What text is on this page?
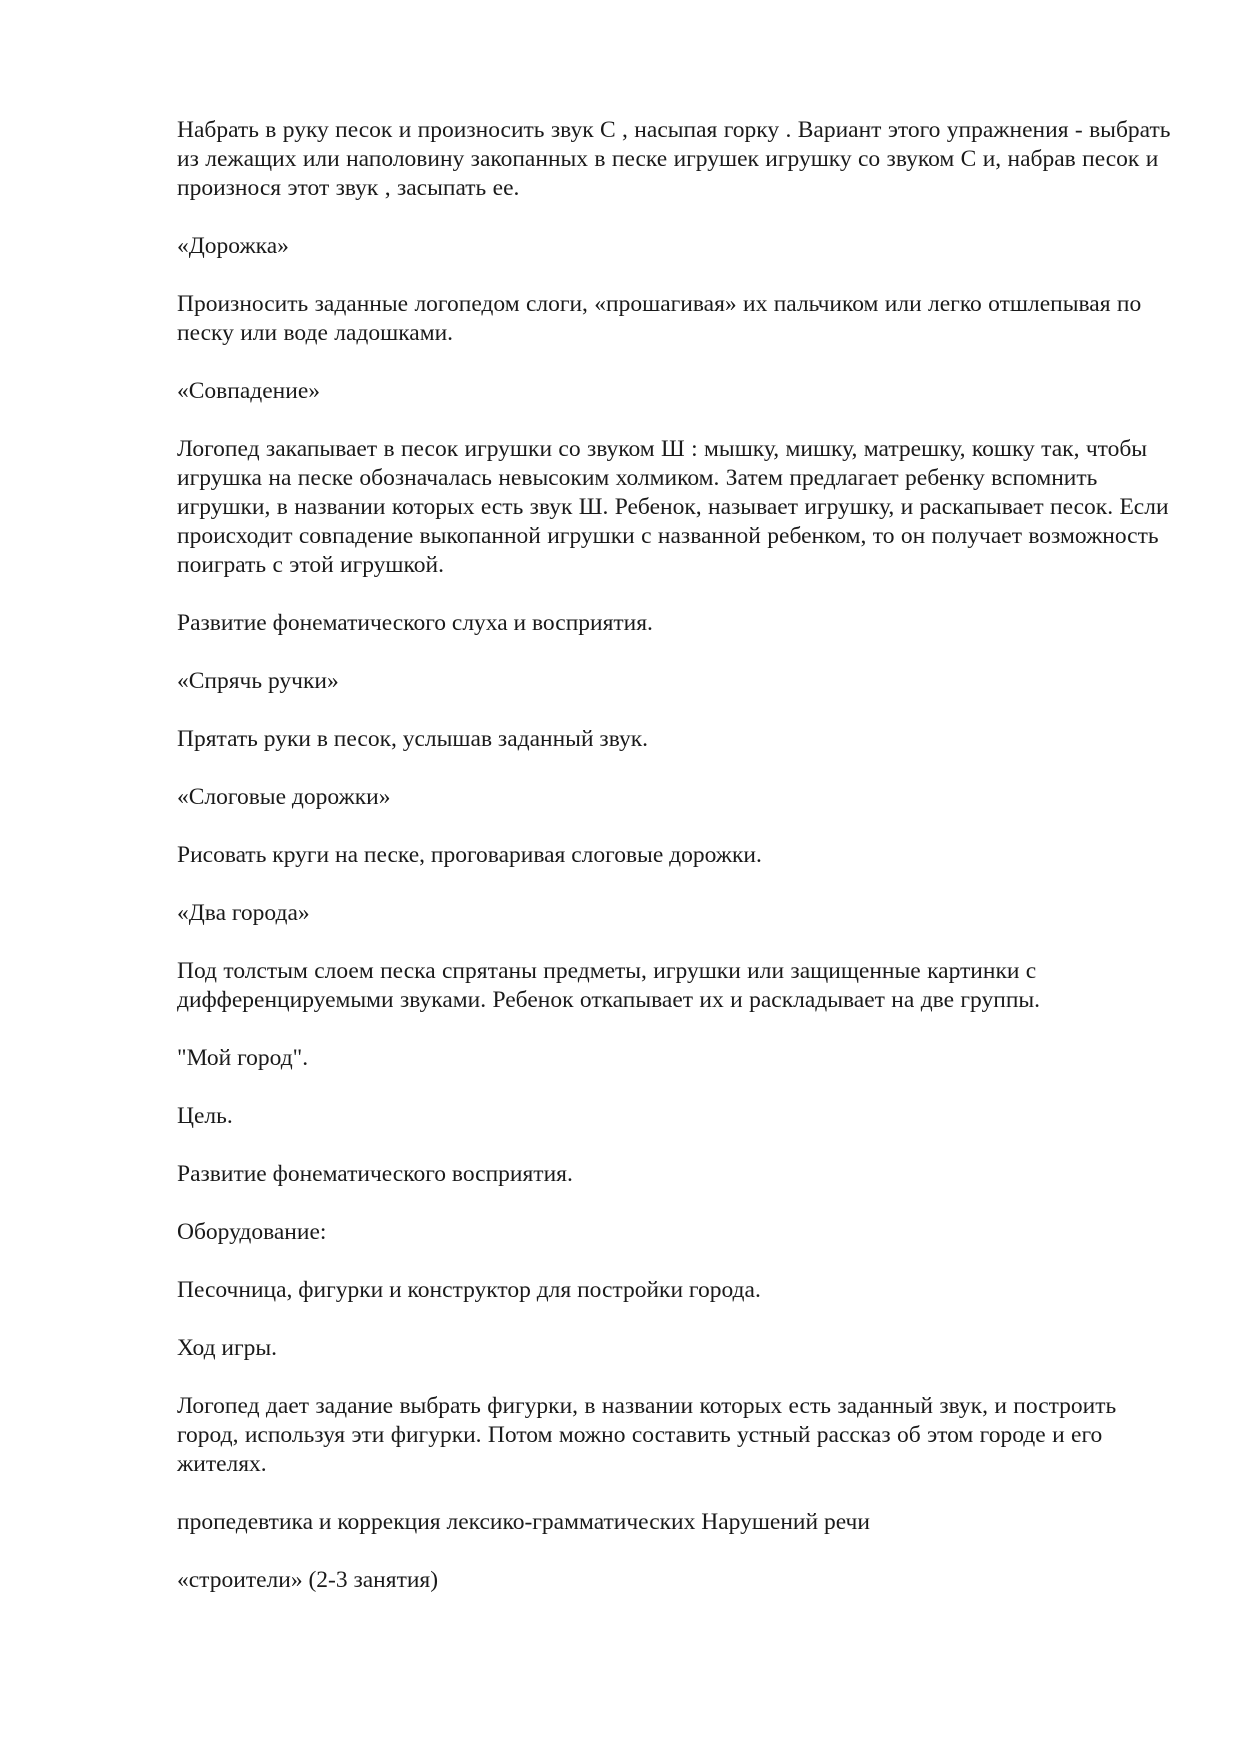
Набрать в руку песок и произносить звук С , насыпая горку . Вариант этого упражнения - выбрать из лежащих или наполовину закопанных в песке игрушек игрушку со звуком С и, набрав песок и произнося этот звук , засыпать ее.

«Дорожка»

Произносить заданные логопедом слоги, «прошагивая» их пальчиком или легко отшлепывая по песку или воде ладошками.

«Совпадение»

Логопед закапывает в песок игрушки со звуком Ш : мышку, мишку, матрешку, кошку так, чтобы игрушка на песке обозначалась невысоким холмиком. Затем предлагает ребенку вспомнить игрушки, в названии которых есть звук Ш. Ребенок, называет игрушку, и раскапывает песок. Если происходит совпадение выкопанной игрушки с названной ребенком, то он получает возможность поиграть с этой игрушкой.

Развитие фонематического слуха и восприятия.

«Спрячь ручки»

Прятать руки в песок, услышав заданный звук.

«Слоговые дорожки»

Рисовать круги на песке, проговаривая слоговые дорожки.

«Два города»

Под толстым слоем песка спрятаны предметы, игрушки или защищенные картинки с дифференцируемыми звуками. Ребенок откапывает их и раскладывает на две группы.

"Мой город".

Цель.

Развитие фонематического восприятия.

Оборудование:

Песочница, фигурки и конструктор для постройки города.

Ход игры.

Логопед дает задание выбрать фигурки, в названии которых есть заданный звук, и построить город, используя эти фигурки. Потом можно составить устный рассказ об этом городе и его жителях.

пропедевтика и коррекция лексико-грамматических Нарушений речи

«строители» (2-3 занятия)
